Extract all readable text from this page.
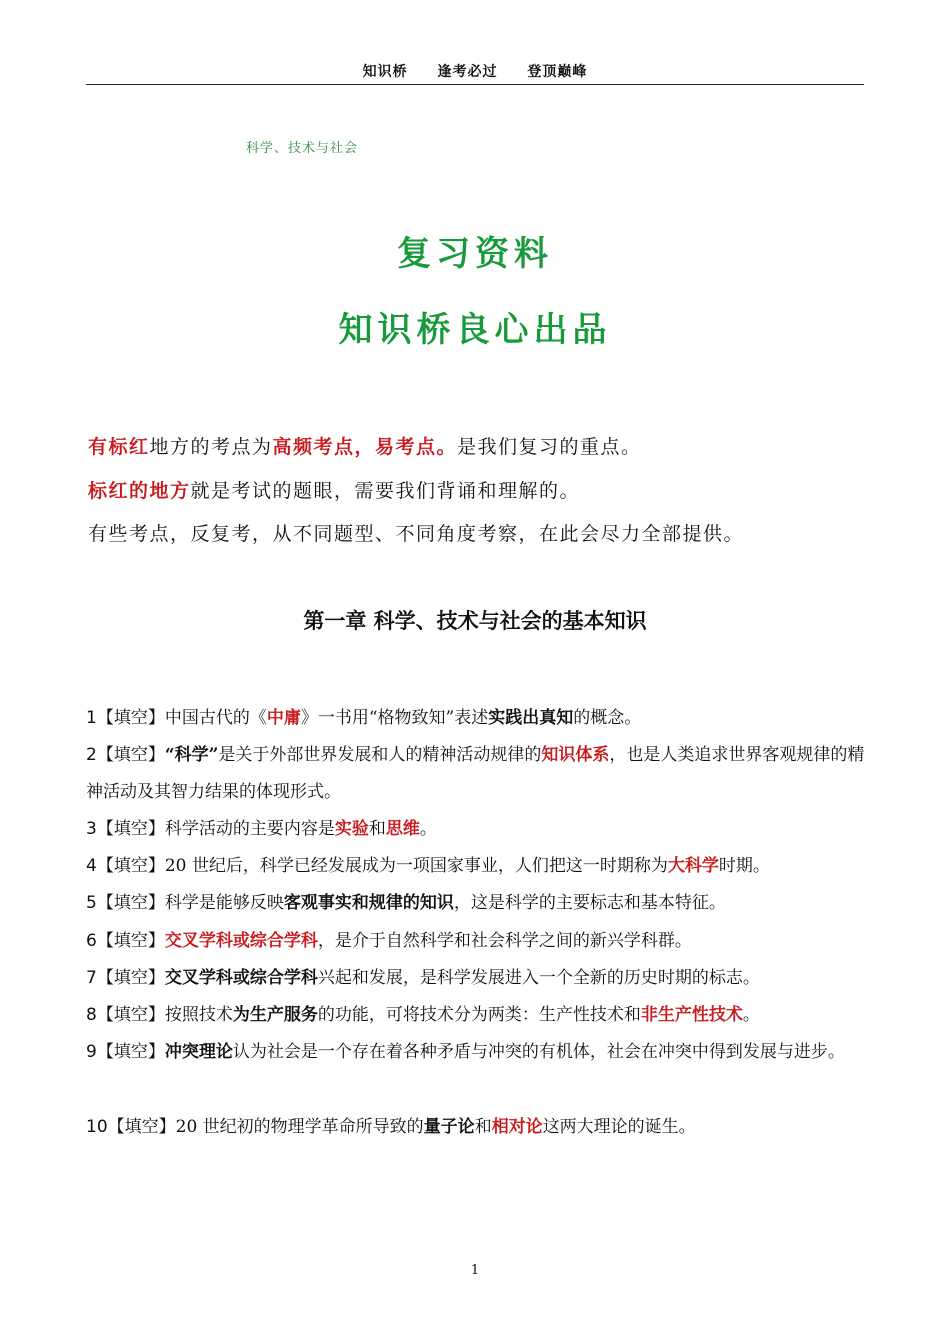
知识桥 逢考必过 登顶巅峰
科学、技术与社会
复习资料
知识桥良心出品
有标红地方的考点为高频考点，易考点。是我们复习的重点。
标红的地方就是考试的题眼，需要我们背诵和理解的。
有些考点，反复考，从不同题型、不同角度考察，在此会尽力全部提供。
第一章 科学、技术与社会的基本知识
1【填空】中国古代的《中庸》一书用“格物致知”表述实践出真知的概念。
2【填空】“科学”是关于外部世界发展和人的精神活动规律的知识体系，也是人类追求世界客观规律的精神活动及其智力结果的体现形式。
3【填空】科学活动的主要内容是实验和思维。
4【填空】20 世纪后，科学已经发展成为一项国家事业，人们把这一时期称为大科学时期。
5【填空】科学是能够反映客观事实和规律的知识，这是科学的主要标志和基本特征。
6【填空】交叉学科或综合学科，是介于自然科学和社会科学之间的新兴学科群。
7【填空】交叉学科或综合学科兴起和发展，是科学发展进入一个全新的历史时期的标志。
8【填空】按照技术为生产服务的功能，可将技术分为两类：生产性技术和非生产性技术。
9【填空】冲突理论认为社会是一个存在着各种矛盾与冲突的有机体，社会在冲突中得到发展与进步。
10【填空】20 世纪初的物理学革命所导致的量子论和相对论这两大理论的诞生。
1
